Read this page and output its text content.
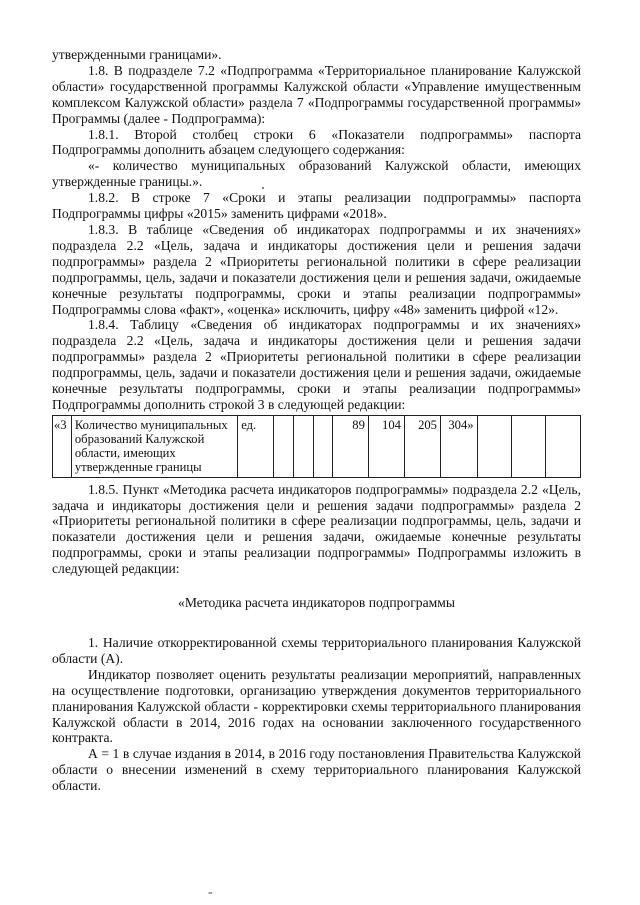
утвержденными границами».

1.8. В подразделе 7.2 «Подпрограмма «Территориальное планирование Калужской области» государственной программы Калужской области «Управление имущественным комплексом Калужской области» раздела 7 «Подпрограммы государственной программы» Программы (далее - Подпрограмма):

1.8.1. Второй столбец строки 6 «Показатели подпрограммы» паспорта Подпрограммы дополнить абзацем следующего содержания:

«- количество муниципальных образований Калужской области, имеющих утвержденные границы.».

1.8.2. В строке 7 «Сроки и этапы реализации подпрограммы» паспорта Подпрограммы цифры «2015» заменить цифрами «2018».

1.8.3. В таблице «Сведения об индикаторах подпрограммы и их значениях» подраздела 2.2 «Цель, задача и индикаторы достижения цели и решения задачи подпрограммы» раздела 2 «Приоритеты региональной политики в сфере реализации подпрограммы, цель, задачи и показатели достижения цели и решения задачи, ожидаемые конечные результаты подпрограммы, сроки и этапы реализации подпрограммы» Подпрограммы слова «факт», «оценка» исключить, цифру «48» заменить цифрой «12».

1.8.4. Таблицу «Сведения об индикаторах подпрограммы и их значениях» подраздела 2.2 «Цель, задача и индикаторы достижения цели и решения задачи подпрограммы» раздела 2 «Приоритеты региональной политики в сфере реализации подпрограммы, цель, задачи и показатели достижения цели и решения задачи, ожидаемые конечные результаты подпрограммы, сроки и этапы реализации подпрограммы» Подпрограммы дополнить строкой 3 в следующей редакции:

«3	Количество муниципальных образований Калужской области, имеющих утвержденные границы	ед.				89	104	205	304»			

1.8.5. Пункт «Методика расчета индикаторов подпрограммы» подраздела 2.2 «Цель, задача и индикаторы достижения цели и решения задачи подпрограммы» раздела 2 «Приоритеты региональной политики в сфере реализации подпрограммы, цель, задачи и показатели достижения цели и решения задачи, ожидаемые конечные результаты подпрограммы, сроки и этапы реализации подпрограммы» Подпрограммы изложить в следующей редакции:

«Методика расчета индикаторов подпрограммы

1. Наличие откорректированной схемы территориального планирования Калужской области (А).

Индикатор позволяет оценить результаты реализации мероприятий, направленных на осуществление подготовки, организацию утверждения документов территориального планирования Калужской области - корректировки схемы территориального планирования Калужской области в 2014, 2016 годах на основании заключенного государственного контракта.

А = 1 в случае издания в 2014, в 2016 году постановления Правительства Калужской области о внесении изменений в схему территориального планирования Калужской области.

-
